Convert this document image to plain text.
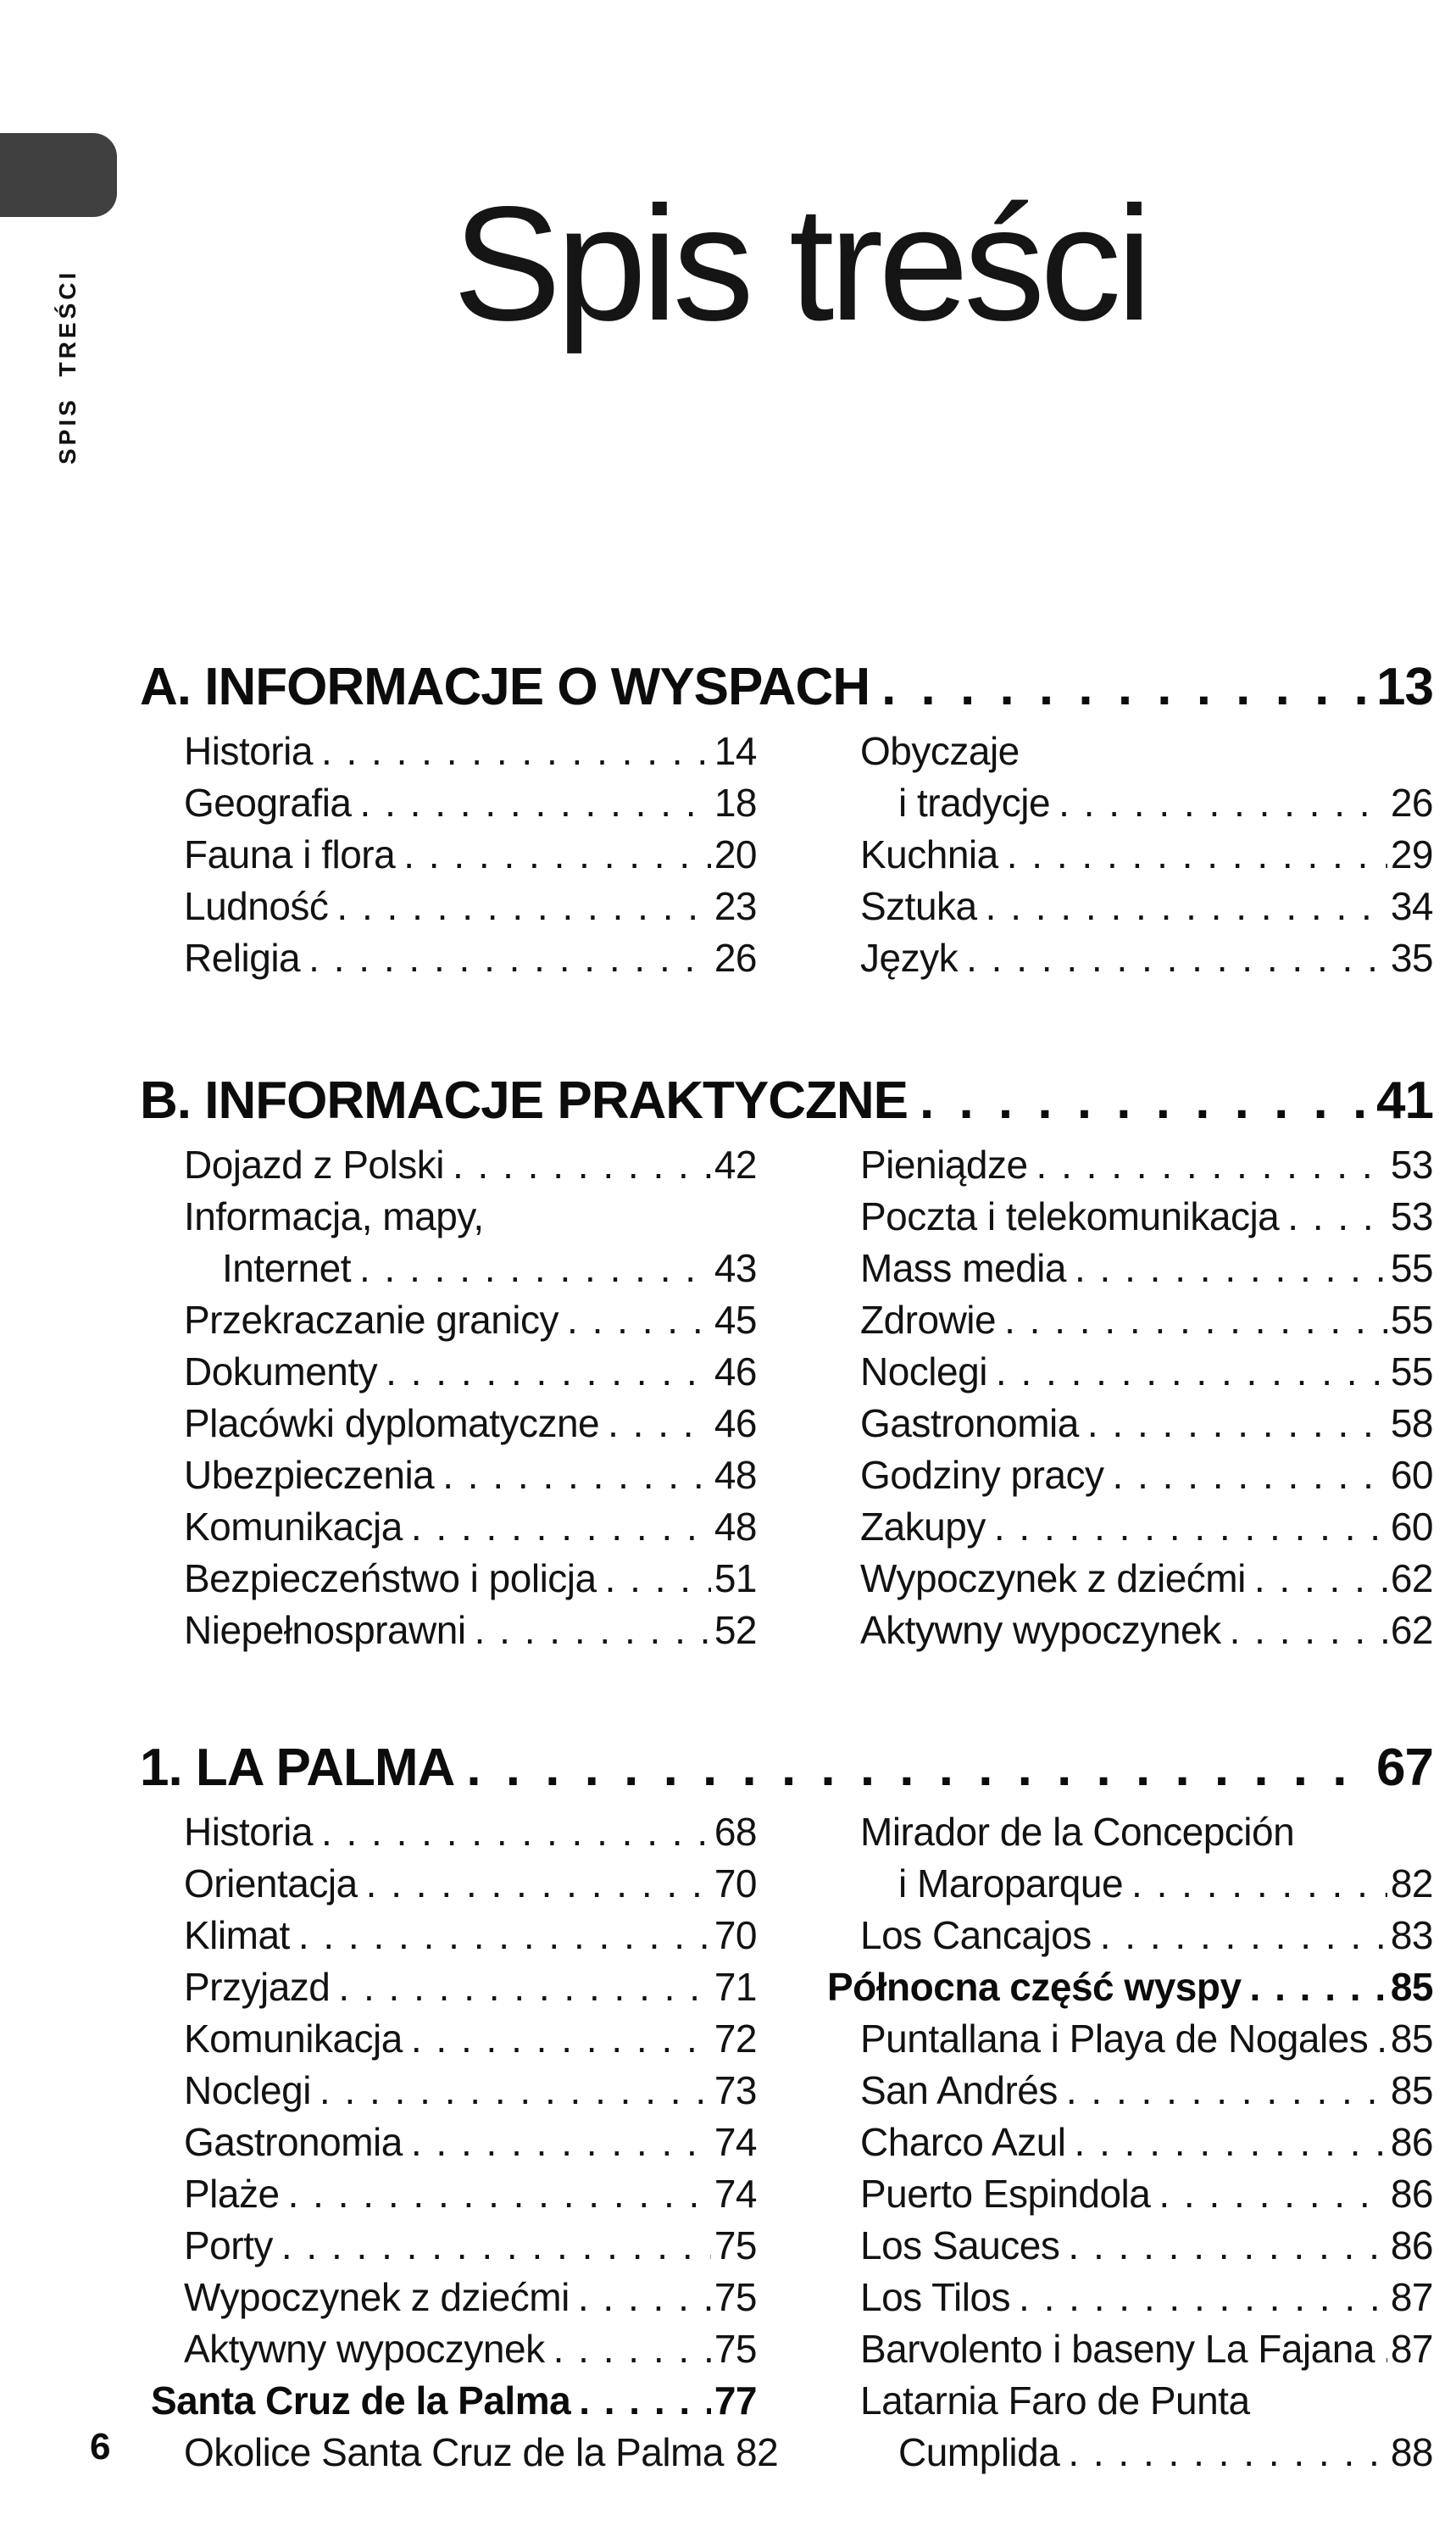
SPIS TREŚCI
Spis treści
A. INFORMACJE O WYSPACH . . .	13
Historia . . .	14
Geografia . . .	18
Fauna i flora . . .	20
Ludność . . .	23
Religia . . .	26
Obyczaje
i tradycje . . .	26
Kuchnia . . .	29
Sztuka . . .	34
Język . . .	35
B. INFORMACJE PRAKTYCZNE . . .	41
Dojazd z Polski . . .	42
Informacja, mapy,
Internet . . .	43
Przekraczanie granicy . . .	45
Dokumenty . . .	46
Placówki dyplomatyczne . . .	46
Ubezpieczenia . . .	48
Komunikacja . . .	48
Bezpieczeństwo i policja . . .	51
Niepełnosprawni . . .	52
Pieniądze . . .	53
Poczta i telekomunikacja . . .	53
Mass media . . .	55
Zdrowie . . .	55
Noclegi . . .	55
Gastronomia . . .	58
Godziny pracy . . .	60
Zakupy . . .	60
Wypoczynek z dziećmi . . .	62
Aktywny wypoczynek . . .	62
1. LA PALMA . . .	67
Historia . . .	68
Orientacja . . .	70
Klimat . . .	70
Przyjazd . . .	71
Komunikacja . . .	72
Noclegi . . .	73
Gastronomia . . .	74
Plaże . . .	74
Porty . . .	75
Wypoczynek z dziećmi . . .	75
Aktywny wypoczynek . . .	75
Santa Cruz de la Palma . . .	77
Okolice Santa Cruz de la Palma 82
Mirador de la Concepción
i Maroparque . . .	82
Los Cancajos . . .	83
Północna część wyspy . . .	85
Puntallana i Playa de Nogales . . . 85
San Andrés . . .	85
Charco Azul . . .	86
Puerto Espindola . . .	86
Los Sauces . . .	86
Los Tilos . . .	87
Barvolento i baseny La Fajana . . . 87
Latarnia Faro de Punta
Cumplida . . .	88
6
